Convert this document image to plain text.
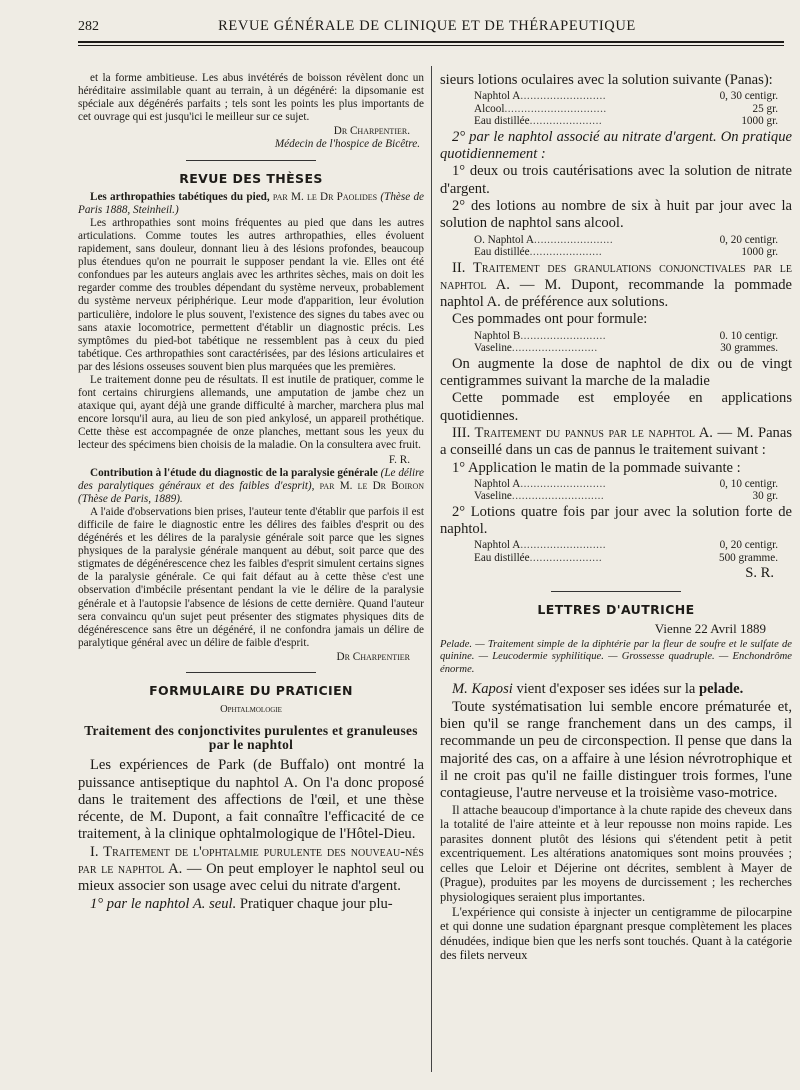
282	REVUE GÉNÉRALE DE CLINIQUE ET DE THÉRAPEUTIQUE

et la forme ambitieuse. Les abus invétérés de boisson révèlent donc un héréditaire assimilable quant au terrain, à un dégénéré: la dipsomanie est spéciale aux dégénérés parfaits ; tels sont les points les plus importants de cet ouvrage qui est jusqu'ici le meilleur sur ce sujet.

Dr Charpentier.
Médecin de l'hospice de Bicêtre.
REVUE DES THÈSES

Les arthropathies tabétiques du pied, par M. le Dr Paolides (Thèse de Paris 1888, Steinheil.)

Les arthropathies sont moins fréquentes au pied que dans les autres articulations. Comme toutes les autres arthropathies, elles évoluent rapidement, sans douleur, donnant lieu à des lésions profondes, beaucoup plus étendues qu'on ne pourrait le supposer pendant la vie. Elles ont été confondues par les auteurs anglais avec les arthrites sèches, mais on doit les regarder comme des troubles dépendant du système nerveux, probablement du système nerveux périphérique. Leur mode d'apparition, leur évolution particulière, indolore le plus souvent, l'existence des signes du tabes avec ou sans ataxie locomotrice, permettent d'établir un diagnostic précis. Les symptômes du pied-bot tabétique ne ressemblent pas à ceux du pied tabétique. Ces arthropathies sont caractérisées, par des lésions articulaires et par des lésions osseuses souvent bien plus marquées que les premières.

Le traitement donne peu de résultats. Il est inutile de pratiquer, comme le font certains chirurgiens allemands, une amputation de jambe chez un ataxique qui, ayant déjà une grande difficulté à marcher, marchera plus mal encore lorsqu'il aura, au lieu de son pied ankylosé, un appareil prothétique. Cette thèse est accompagnée de onze planches, mettant sous les yeux du lecteur des spécimens bien choisis de la maladie. On la consultera avec fruit.

F. R.

Contribution à l'étude du diagnostic de la paralysie générale (Le délire des paralytiques généraux et des faibles d'esprit), par M. le Dr Boiron (Thèse de Paris, 1889).

A l'aide d'observations bien prises, l'auteur tente d'établir que parfois il est difficile de faire le diagnostic entre les délires des faibles d'esprit ou des dégénérés et les délires de la paralysie générale soit parce que les signes physiques de la paralysie générale manquent au début, soit parce que des stigmates de dégénérescence chez les faibles d'esprit simulent certains signes de la paralysie générale. Ce qui fait défaut au à cette thèse c'est une observation d'imbécile présentant pendant la vie le délire de la paralysie générale et à l'autopsie l'absence de lésions de cette dernière. Quand l'auteur sera convaincu qu'un sujet peut présenter des stigmates physiques dits de dégénérescence sans être un dégénéré, il ne confondra jamais un délire de paralytique général avec un délire de faible d'esprit.

Dr Charpentier
FORMULAIRE DU PRATICIEN
Ophtalmologie
Traitement des conjonctivites purulentes et granuleuses par le naphtol

Les expériences de Park (de Buffalo) ont montré la puissance antiseptique du naphtol A. On l'a donc proposé dans le traitement des affections de l'œil, et une thèse récente, de M. Dupont, a fait connaître l'efficacité de ce traitement, à la clinique ophtalmologique de l'Hôtel-Dieu.

I. Traitement de l'ophtalmie purulente des nouveau-nés par le naphtol A. — On peut employer le naphtol seul ou mieux associer son usage avec celui du nitrate d'argent.

1° par le naphtol A. seul. Pratiquer chaque jour plu-

sieurs lotions oculaires avec la solution suivante (Panas):

Naphtol A..........................	0, 30 centigr.
Alcool...............................	25 gr.
Eau distillée......................	1000 gr.

2° par le naphtol associé au nitrate d'argent. On pratique quotidiennement :

1° deux ou trois cautérisations avec la solution de nitrate d'argent.

2° des lotions au nombre de six à huit par jour avec la solution de naphtol sans alcool.

O. Naphtol A........................	0, 20 centigr.
Eau distillée......................	1000 gr.

II. Traitement des granulations conjonctivales par le naphtol A. — M. Dupont, recommande la pommade naphtol A. de préférence aux solutions.

Ces pommades ont pour formule:

Naphtol B..........................	0. 10 centigr.
Vaseline..........................	30 grammes.

On augmente la dose de naphtol de dix ou de vingt centigrammes suivant la marche de la maladie

Cette pommade est employée en applications quotidiennes.

III. Traitement du pannus par le naphtol A. — M. Panas a conseillé dans un cas de pannus le traitement suivant :

1° Application le matin de la pommade suivante :

Naphtol A..........................	0, 10 centigr.
Vaseline............................	30 gr.

2° Lotions quatre fois par jour avec la solution forte de naphtol.

Naphtol A..........................	0, 20 centigr.
Eau distillée......................	500 gramme.
S. R.
LETTRES D'AUTRICHE
Vienne 22 Avril 1889
Pelade. — Traitement simple de la diphtérie par la fleur de soufre et le sulfate de quinine. — Leucodermie syphilitique. — Grossesse quadruple. — Enchondrôme énorme.

M. Kaposi vient d'exposer ses idées sur la pelade.

Toute systématisation lui semble encore prématurée et, bien qu'il se range franchement dans un des camps, il recommande un peu de circonspection. Il pense que dans la majorité des cas, on a affaire à une lésion névrotrophique et il ne croit pas qu'il ne faille distinguer trois formes, l'une contagieuse, l'autre nerveuse et la troisième vaso-motrice.

Il attache beaucoup d'importance à la chute rapide des cheveux dans la totalité de l'aire atteinte et à leur repousse non moins rapide. Les parasites donnent plutôt des lésions qui s'étendent petit à petit excentriquement. Les altérations anatomiques sont moins prouvées ; celles que Leloir et Déjerine ont décrites, semblent à Mayer de (Prague), produites par les moyens de durcissement ; les recherches physiologiques seraient plus importantes.

L'expérience qui consiste à injecter un centigramme de pilocarpine et qui donne une sudation épargnant presque complètement les places dénudées, indique bien que les nerfs sont touchés. Quant à la catégorie des filets nerveux
